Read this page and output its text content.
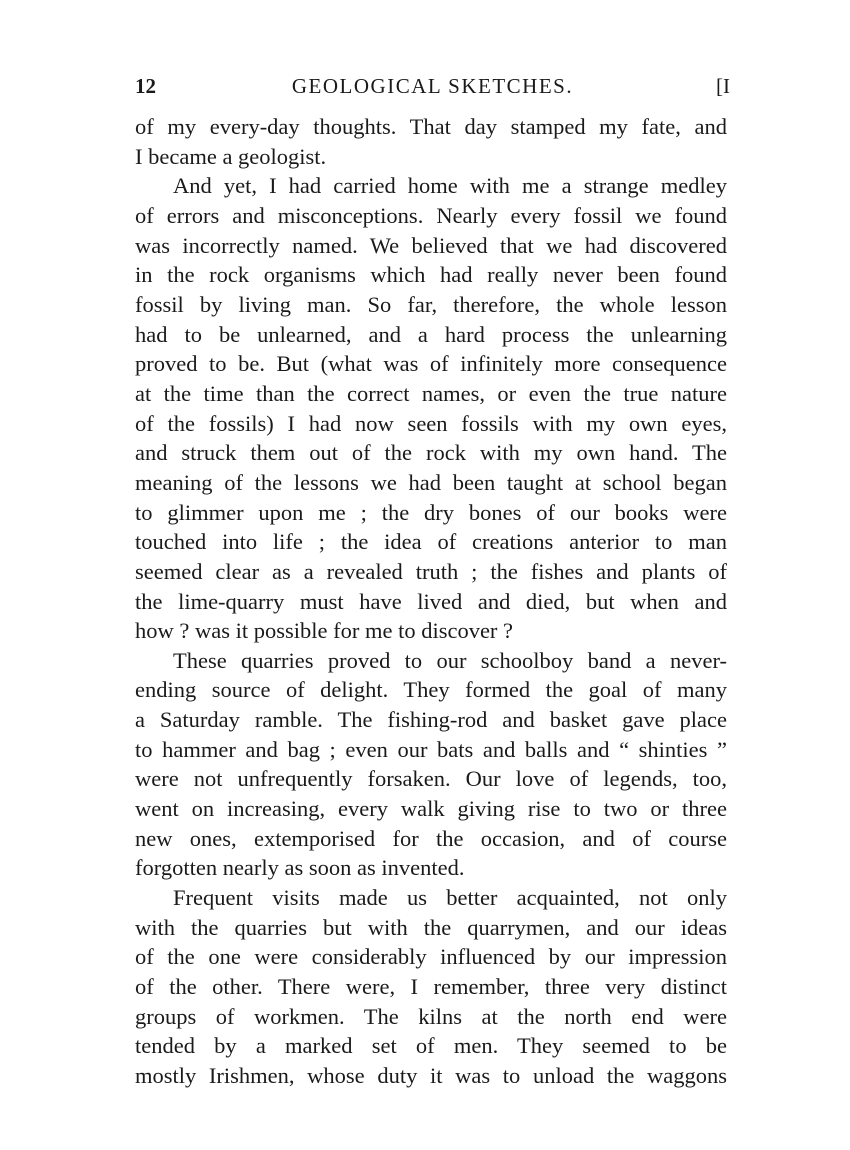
12	GEOLOGICAL SKETCHES.	[I
of my every-day thoughts. That day stamped my fate, and
I became a geologist.
And yet, I had carried home with me a strange medley
of errors and misconceptions. Nearly every fossil we found
was incorrectly named. We believed that we had discovered
in the rock organisms which had really never been found
fossil by living man. So far, therefore, the whole lesson
had to be unlearned, and a hard process the unlearning
proved to be. But (what was of infinitely more consequence
at the time than the correct names, or even the true nature
of the fossils) I had now seen fossils with my own eyes,
and struck them out of the rock with my own hand. The
meaning of the lessons we had been taught at school began
to glimmer upon me ; the dry bones of our books were
touched into life ; the idea of creations anterior to man
seemed clear as a revealed truth ; the fishes and plants of
the lime-quarry must have lived and died, but when and
how ? was it possible for me to discover ?
These quarries proved to our schoolboy band a never-
ending source of delight. They formed the goal of many
a Saturday ramble. The fishing-rod and basket gave place
to hammer and bag ; even our bats and balls and “ shinties ”
were not unfrequently forsaken. Our love of legends, too,
went on increasing, every walk giving rise to two or three
new ones, extemporised for the occasion, and of course
forgotten nearly as soon as invented.
Frequent visits made us better acquainted, not only
with the quarries but with the quarrymen, and our ideas
of the one were considerably influenced by our impression
of the other. There were, I remember, three very distinct
groups of workmen. The kilns at the north end were
tended by a marked set of men. They seemed to be
mostly Irishmen, whose duty it was to unload the waggons
